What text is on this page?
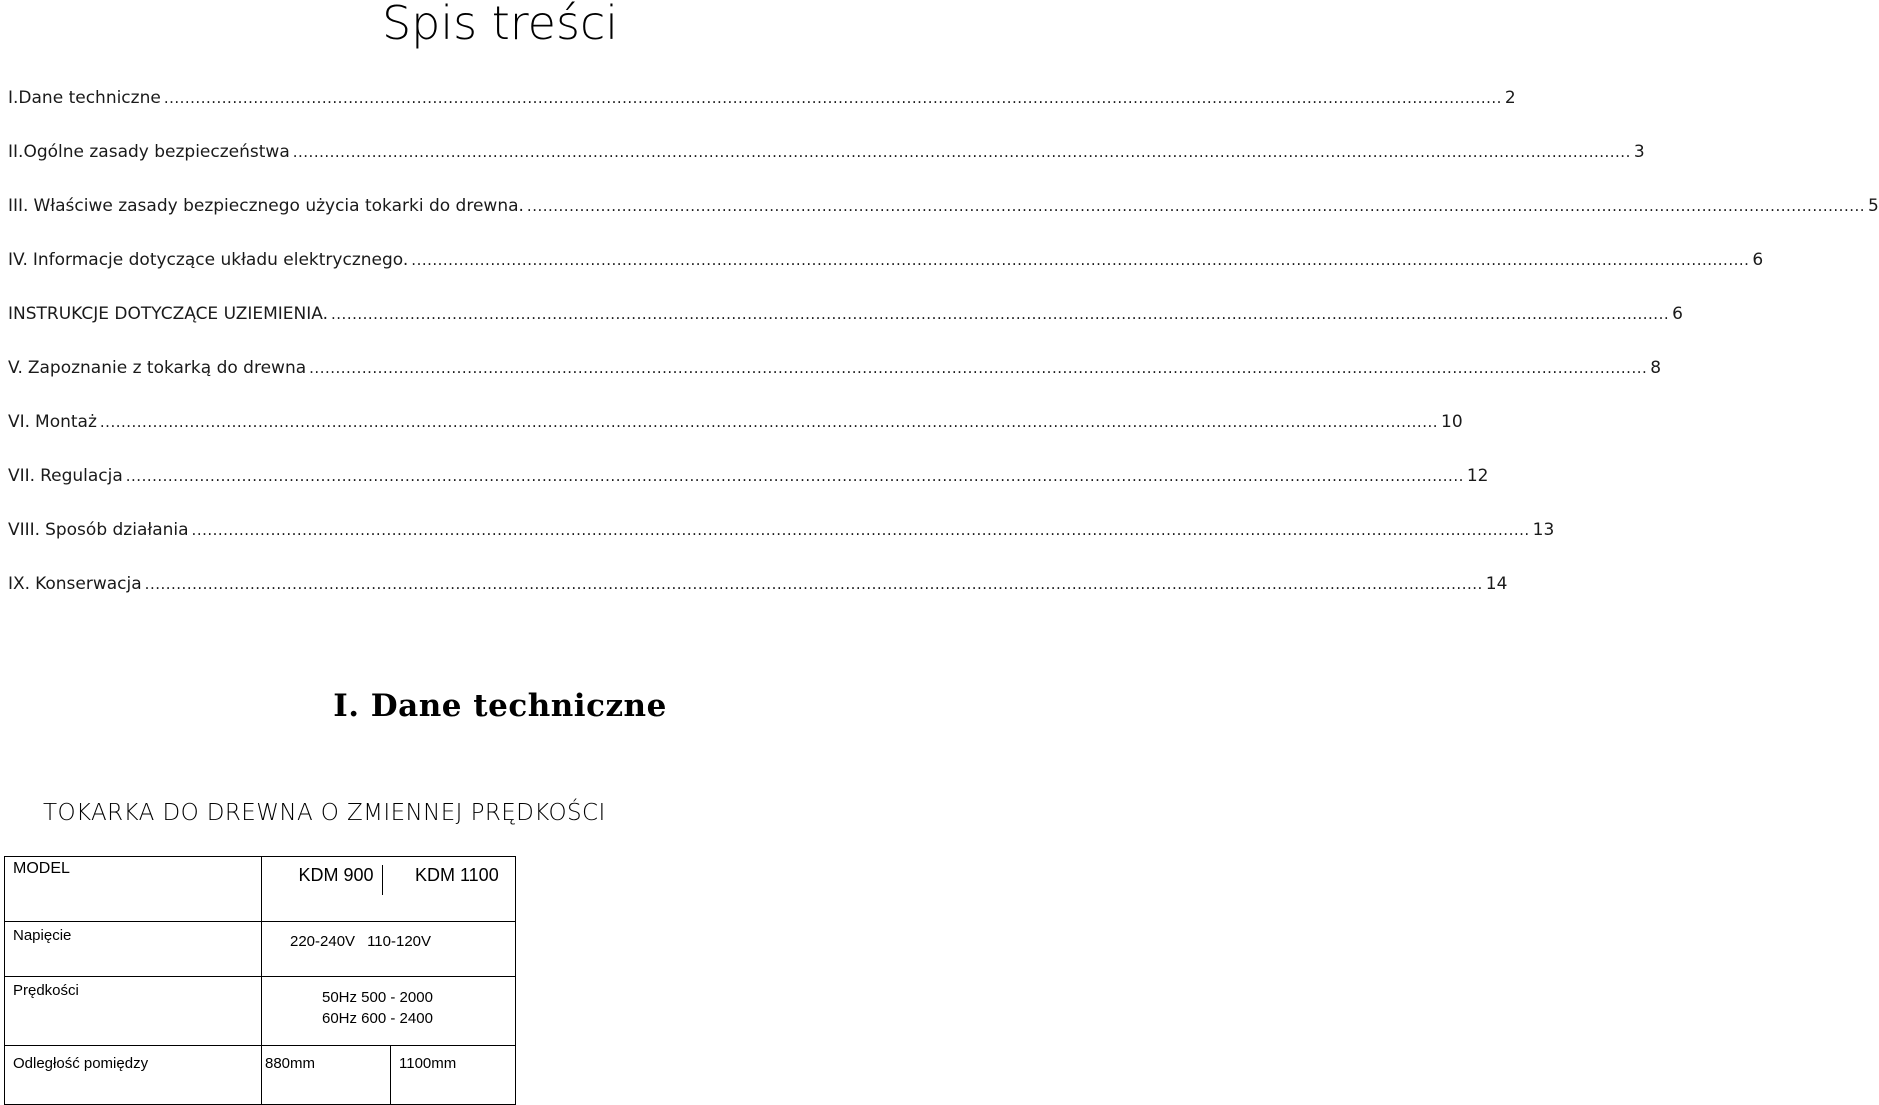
Spis treści
I. Dane techniczne .....	2
II. Ogólne zasady bezpieczeństwa .....	3
III. Właściwe zasady bezpiecznego użycia tokarki do drewna. .....	5
IV. Informacje dotyczące układu elektrycznego. .....	6
INSTRUKCJE DOTYCZĄCE UZIEMIENIA. .....	6
V. Zapoznanie z tokarką do drewna .....	8
VI. Montaż .....	10
VII. Regulacja .....	12
VIII. Sposób działania .....	13
IX. Konserwacja .....	14
I. Dane techniczne
TOKARKA DO DREWNA O ZMIENNEJ PRĘDKOŚCI
MODEL	KDM 900 KDM 1100
Napięcie	220-240V 110-120V
Prędkości	50Hz 500 - 2000
60Hz 600 - 2400

Odległość pomiędzy	880mm	1100mm
